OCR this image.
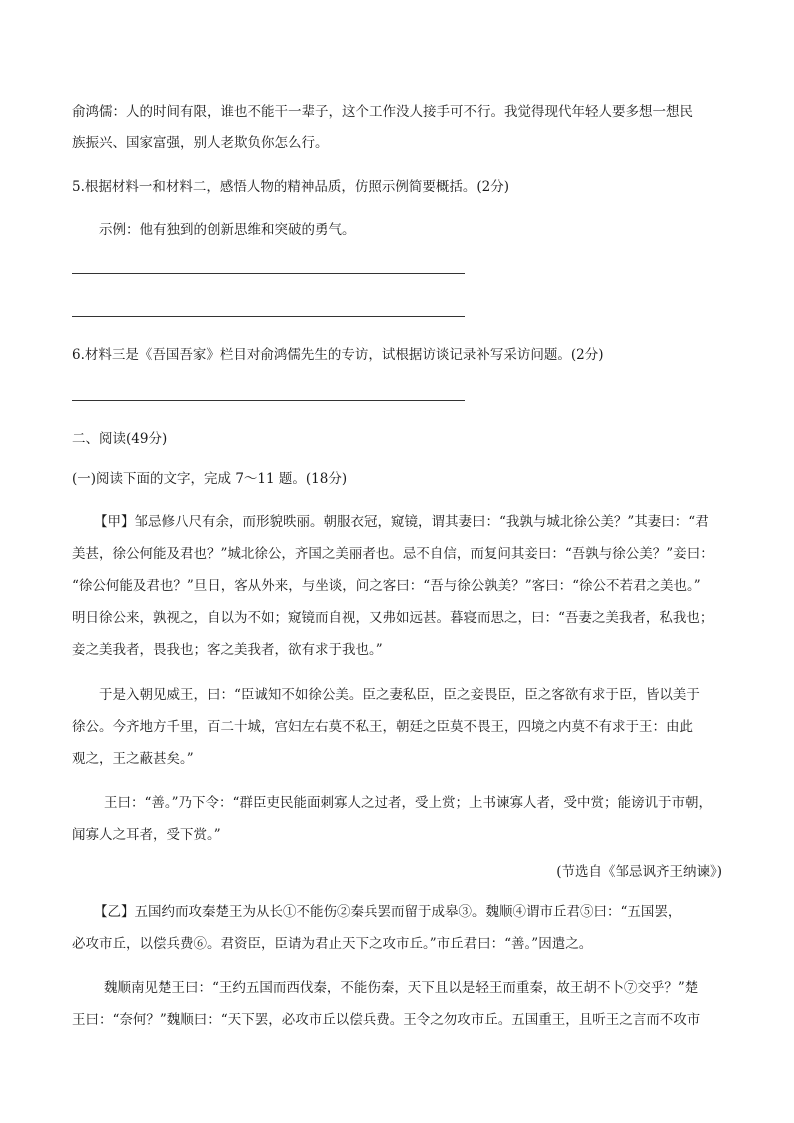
俞鸿儒：人的时间有限，谁也不能干一辈子，这个工作没人接手可不行。我觉得现代年轻人要多想一想民
族振兴、国家富强，别人老欺负你怎么行。
5.根据材料一和材料二，感悟人物的精神品质，仿照示例简要概括。(2分)
示例：他有独到的创新思维和突破的勇气。
6.材料三是《吾国吾家》栏目对俞鸿儒先生的专访，试根据访谈记录补写采访问题。(2分)
二、阅读(49分)
(一)阅读下面的文字，完成 7～11 题。(18分)
【甲】邹忌修八尺有余，而形貌昳丽。朝服衣冠，窥镜，谓其妻曰：“我孰与城北徐公美？”其妻曰：“君
美甚，徐公何能及君也？”城北徐公，齐国之美丽者也。忌不自信，而复问其妾曰：“吾孰与徐公美？”妾曰：
“徐公何能及君也？”旦日，客从外来，与坐谈，问之客曰：“吾与徐公孰美？”客曰：“徐公不若君之美也。”
明日徐公来，孰视之，自以为不如；窥镜而自视，又弗如远甚。暮寝而思之，曰：“吾妻之美我者，私我也；
妾之美我者，畏我也；客之美我者，欲有求于我也。”
于是入朝见威王，曰：“臣诚知不如徐公美。臣之妻私臣，臣之妾畏臣，臣之客欲有求于臣，皆以美于
徐公。今齐地方千里，百二十城，宫妇左右莫不私王，朝廷之臣莫不畏王，四境之内莫不有求于王：由此
观之，王之蔽甚矣。”
王曰：“善。”乃下令：“群臣吏民能面刺寡人之过者，受上赏；上书谏寡人者，受中赏；能谤讥于市朝，
闻寡人之耳者，受下赏。”
(节选自《邹忌讽齐王纳谏》)
【乙】五国约而攻秦楚王为从长①不能伤②秦兵罢而留于成皋③。魏顺④谓市丘君⑤曰：“五国罢，
必攻市丘，以偿兵费⑥。君资臣，臣请为君止天下之攻市丘。”市丘君曰：“善。”因遣之。
魏顺南见楚王曰：“王约五国而西伐秦，不能伤秦，天下且以是轻王而重秦，故王胡不卜⑦交乎？”楚
王曰：“奈何？”魏顺曰：“天下罢，必攻市丘以偿兵费。王令之勿攻市丘。五国重王，且听王之言而不攻市
